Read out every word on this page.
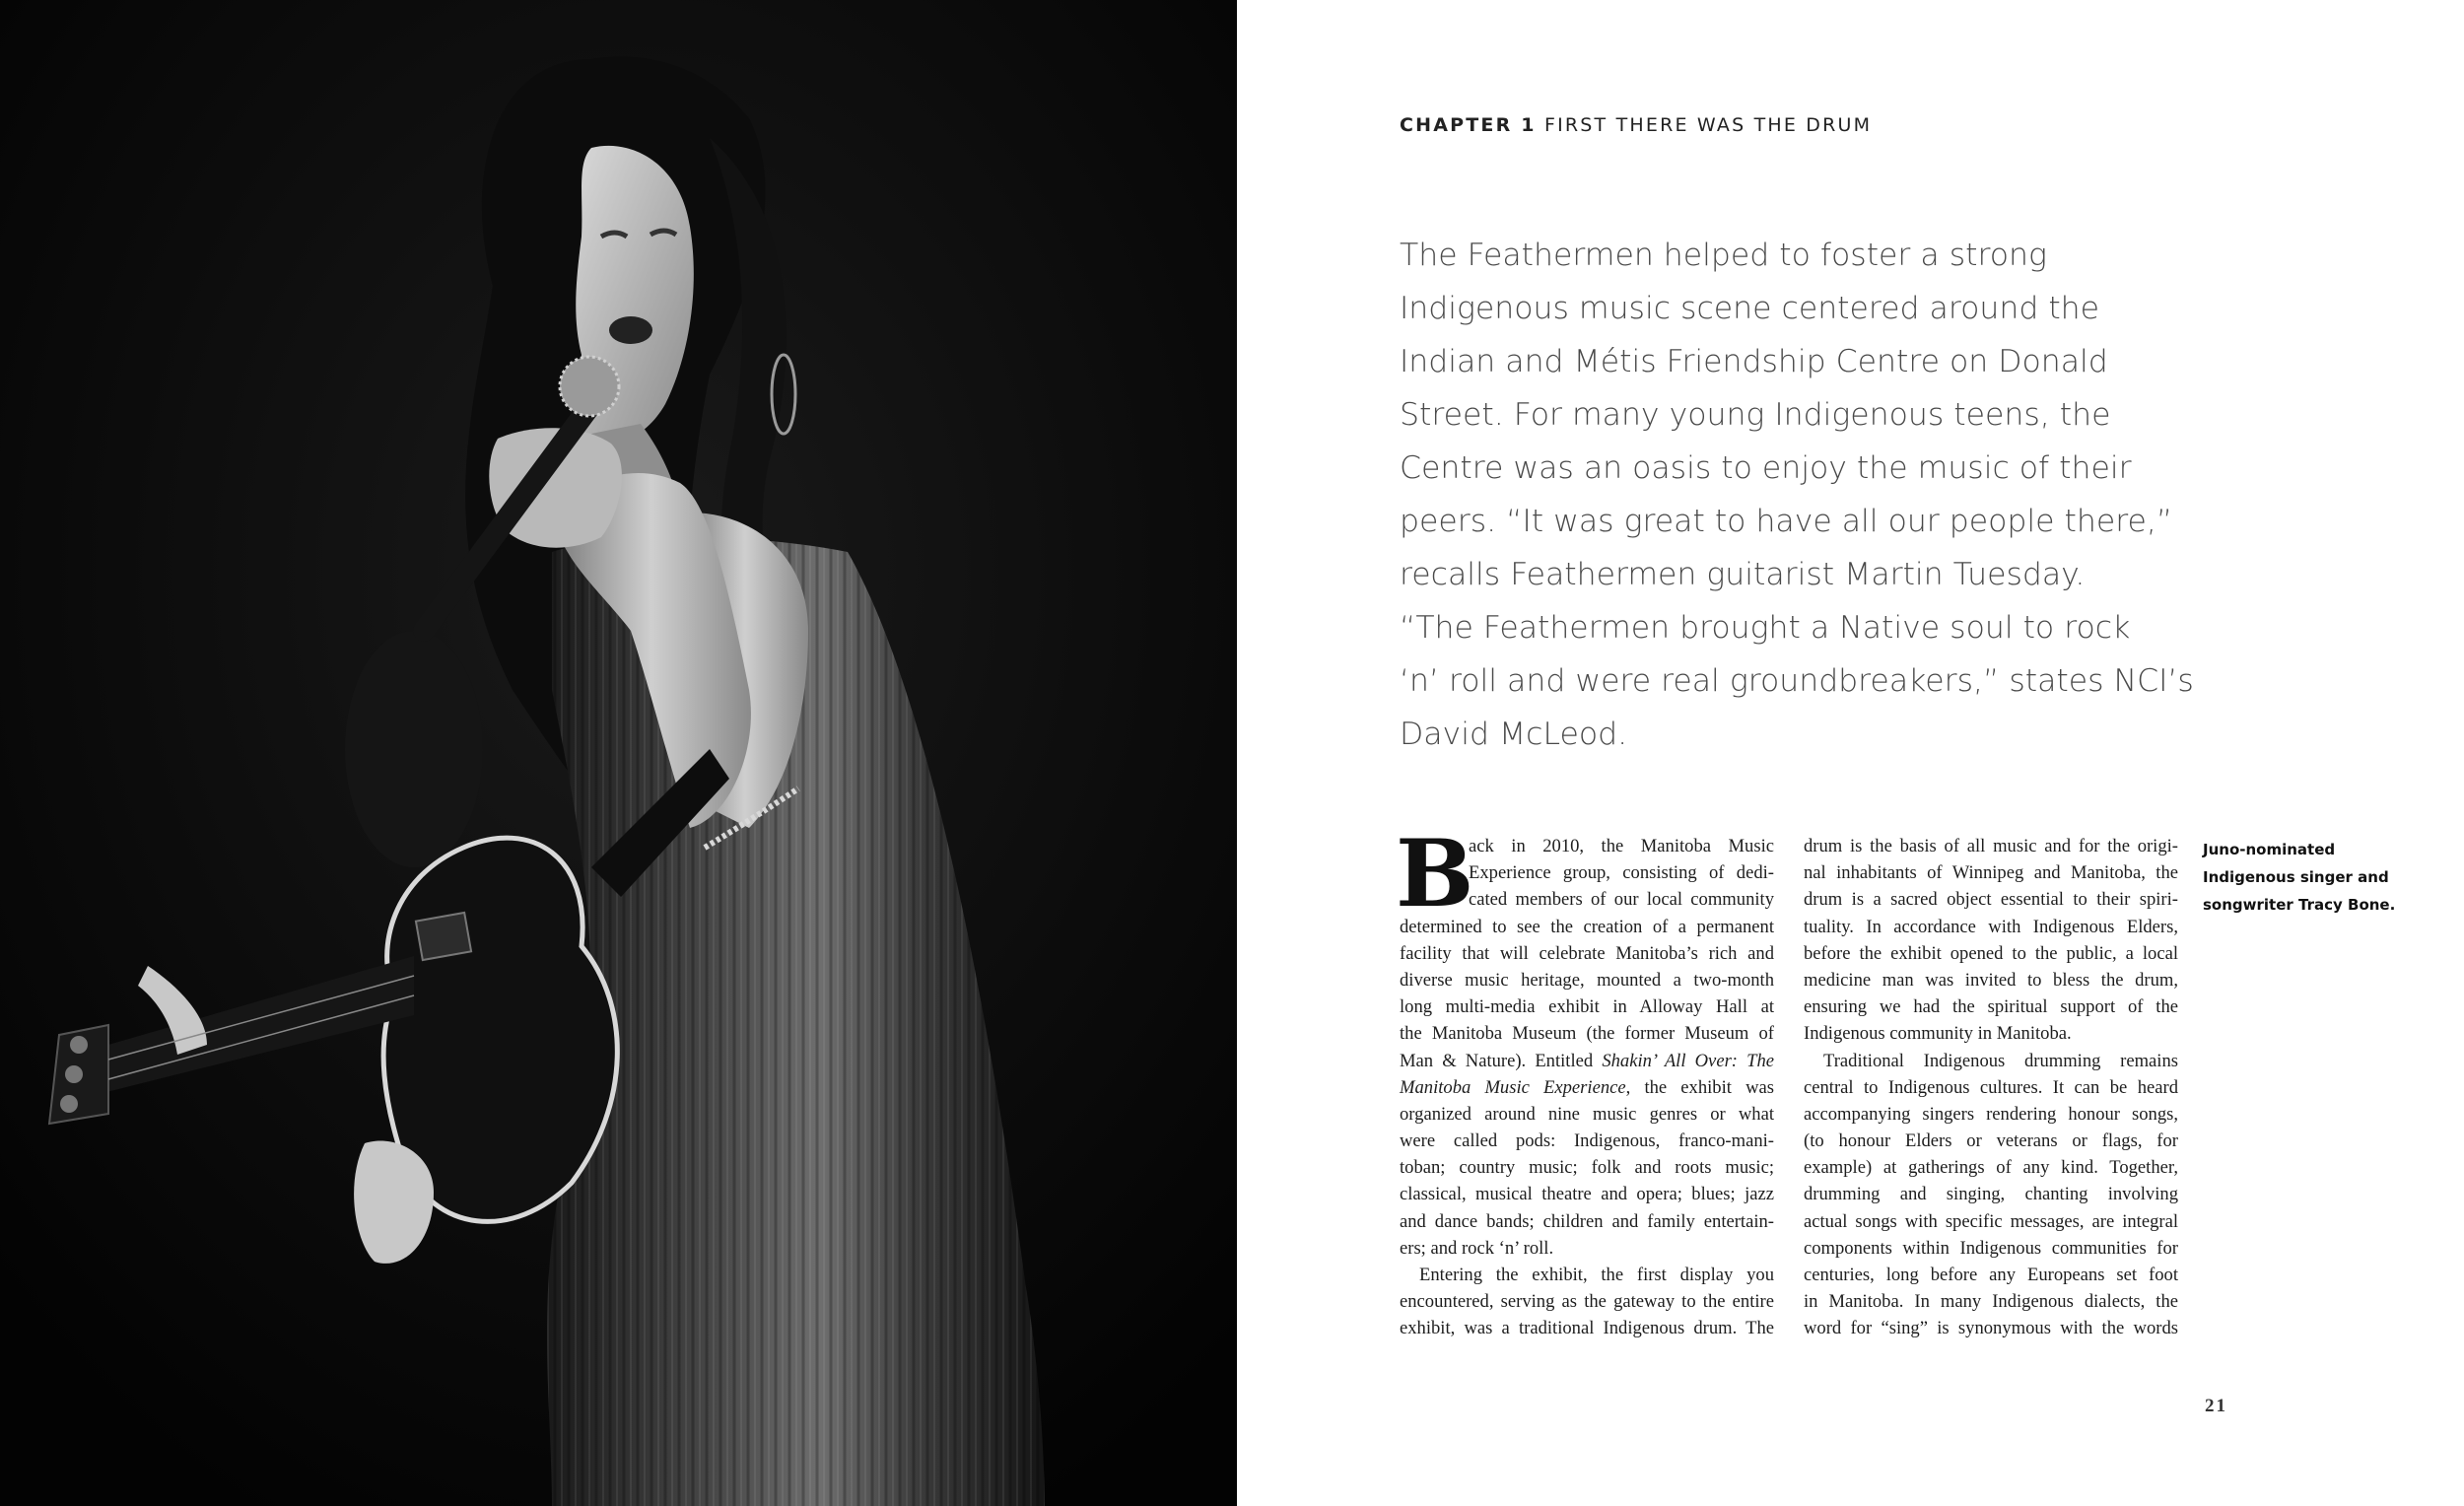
CHAPTER 1 FIRST THERE WAS THE DRUM
The Feathermen helped to foster a strong
Indigenous music scene centered around the
Indian and Métis Friendship Centre on Donald
Street. For many young Indigenous teens, the
Centre was an oasis to enjoy the music of their
peers. “It was great to have all our people there,”
recalls Feathermen guitarist Martin Tuesday.
“The Feathermen brought a Native soul to rock
‘n’ roll and were real groundbreakers,” states NCI’s
David McLeod.
B
ack in 2010, the Manitoba Music
Experience group, consisting of dedi-
cated members of our local community
determined to see the creation of a permanent
facility that will celebrate Manitoba’s rich and
diverse music heritage, mounted a two-month
long multi-media exhibit in Alloway Hall at
the Manitoba Museum (the former Museum of
Man & Nature). Entitled Shakin’ All Over: The
Manitoba Music Experience, the exhibit was
organized around nine music genres or what
were called pods: Indigenous, franco-mani-
toban; country music; folk and roots music;
classical, musical theatre and opera; blues; jazz
and dance bands; children and family entertain-
ers; and rock ‘n’ roll.
Entering the exhibit, the first display you
encountered, serving as the gateway to the entire
exhibit, was a traditional Indigenous drum. The
drum is the basis of all music and for the origi-
nal inhabitants of Winnipeg and Manitoba, the
drum is a sacred object essential to their spiri-
tuality. In accordance with Indigenous Elders,
before the exhibit opened to the public, a local
medicine man was invited to bless the drum,
ensuring we had the spiritual support of the
Indigenous community in Manitoba.
Traditional Indigenous drumming remains
central to Indigenous cultures. It can be heard
accompanying singers rendering honour songs,
(to honour Elders or veterans or flags, for
example) at gatherings of any kind. Together,
drumming and singing, chanting involving
actual songs with specific messages, are integral
components within Indigenous communities for
centuries, long before any Europeans set foot
in Manitoba. In many Indigenous dialects, the
word for “sing” is synonymous with the words
Juno-nominated
Indigenous singer and
songwriter Tracy Bone.
21
